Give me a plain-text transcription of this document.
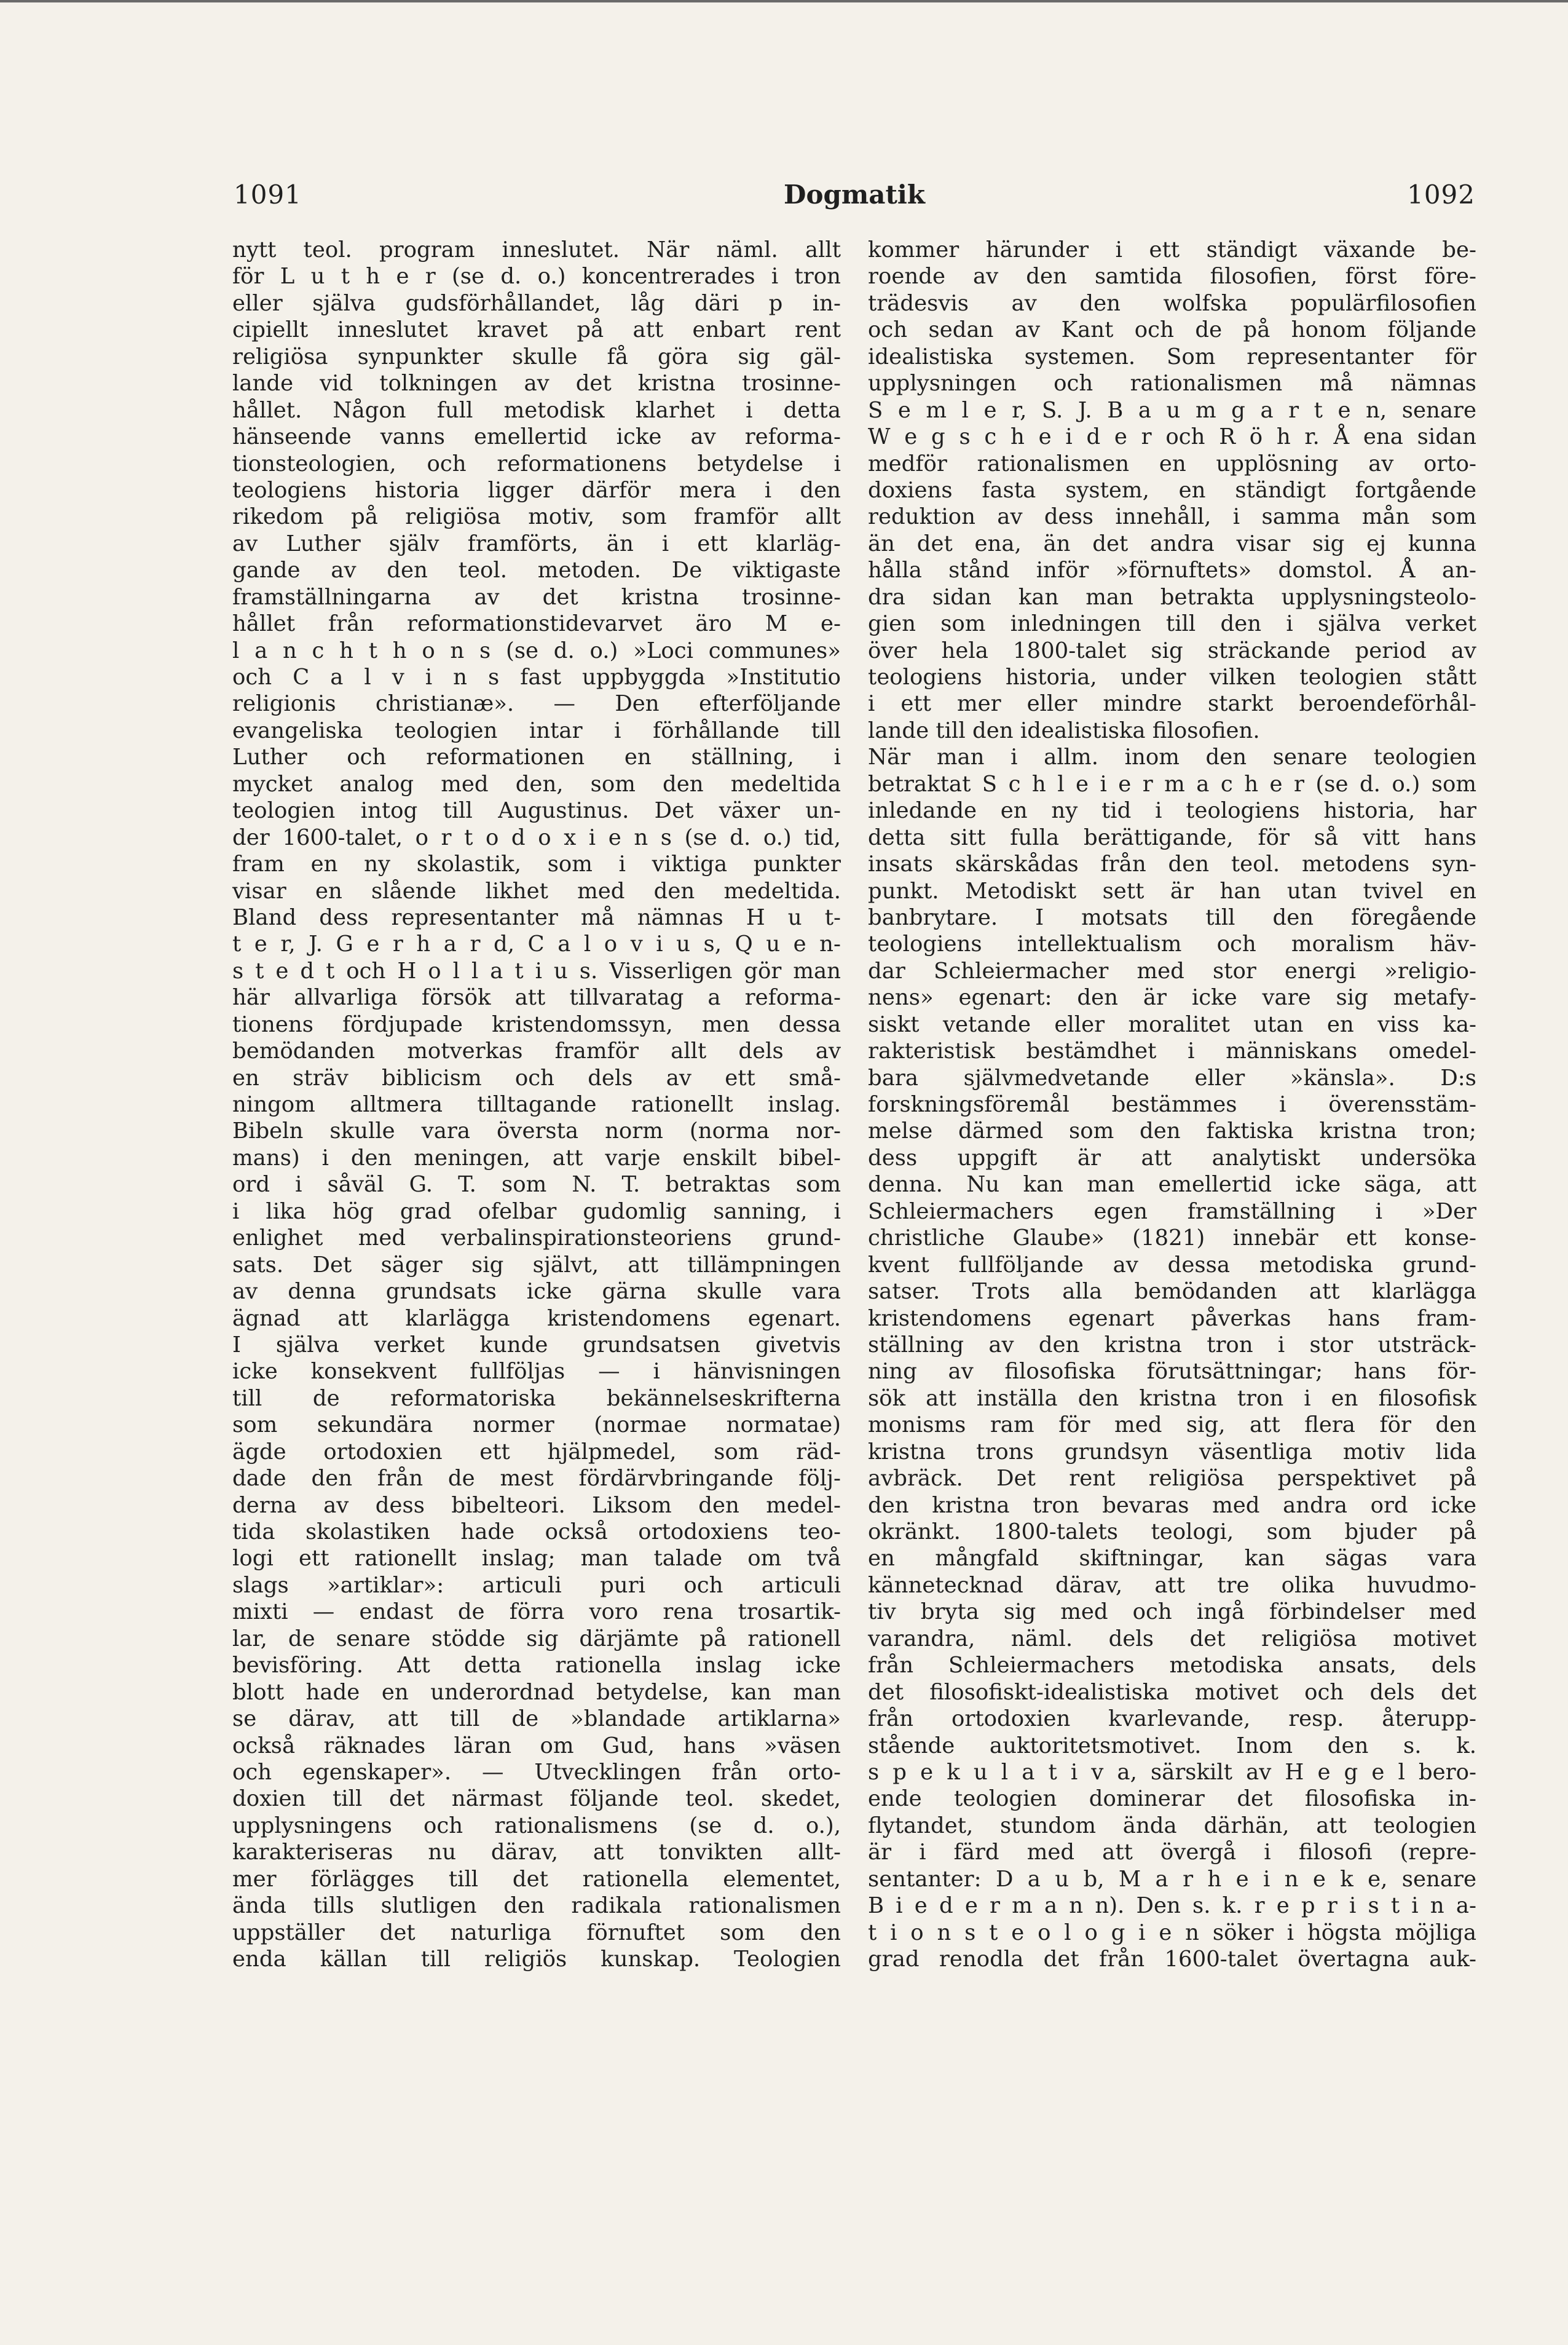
1091	Dogmatik	1092
nytt teol. program inneslutet. När näml. allt
för L u t h e r (se d. o.) koncentrerades i tron
eller själva gudsförhållandet, låg däri p in-
cipiellt inneslutet kravet på att enbart rent
religiösa synpunkter skulle få göra sig gäl-
lande vid tolkningen av det kristna trosinne-
hållet. Någon full metodisk klarhet i detta
hänseende vanns emellertid icke av reforma-
tionsteologien, och reformationens betydelse i
teologiens historia ligger därför mera i den
rikedom på religiösa motiv, som framför allt
av Luther själv framförts, än i ett klarläg-
gande av den teol. metoden. De viktigaste
framställningarna av det kristna trosinne-
hållet från reformationstidevarvet äro M e-
l a n c h t h o n s (se d. o.) »Loci communes»
och C a l v i n s fast uppbyggda »Institutio
religionis christianæ». — Den efterföljande
evangeliska teologien intar i förhållande till
Luther och reformationen en ställning, i
mycket analog med den, som den medeltida
teologien intog till Augustinus. Det växer un-
der 1600-talet, o r t o d o x i e n s (se d. o.) tid,
fram en ny skolastik, som i viktiga punkter
visar en slående likhet med den medeltida.
Bland dess representanter må nämnas H u t-
t e r, J. G e r h a r d, C a l o v i u s, Q u e n-
s t e d t och H o l l a t i u s. Visserligen gör man
här allvarliga försök att tillvaratag a reforma-
tionens fördjupade kristendomssyn, men dessa
bemödanden motverkas framför allt dels av
en sträv biblicism och dels av ett små-
ningom alltmera tilltagande rationellt inslag.
Bibeln skulle vara översta norm (norma nor-
mans) i den meningen, att varje enskilt bibel-
ord i såväl G. T. som N. T. betraktas som
i lika hög grad ofelbar gudomlig sanning, i
enlighet med verbalinspirationsteoriens grund-
sats. Det säger sig självt, att tillämpningen
av denna grundsats icke gärna skulle vara
ägnad att klarlägga kristendomens egenart.
I själva verket kunde grundsatsen givetvis
icke konsekvent fullföljas — i hänvisningen
till de reformatoriska bekännelseskrifterna
som sekundära normer (normae normatae)
ägde ortodoxien ett hjälpmedel, som räd-
dade den från de mest fördärvbringande följ-
derna av dess bibelteori. Liksom den medel-
tida skolastiken hade också ortodoxiens teo-
logi ett rationellt inslag; man talade om två
slags »artiklar»: articuli puri och articuli
mixti — endast de förra voro rena trosartik-
lar, de senare stödde sig därjämte på rationell
bevisföring. Att detta rationella inslag icke
blott hade en underordnad betydelse, kan man
se därav, att till de »blandade artiklarna»
också räknades läran om Gud, hans »väsen
och egenskaper». — Utvecklingen från orto-
doxien till det närmast följande teol. skedet,
upplysningens och rationalismens (se d. o.),
karakteriseras nu därav, att tonvikten allt-
mer förlägges till det rationella elementet,
ända tills slutligen den radikala rationalismen
uppställer det naturliga förnuftet som den
enda källan till religiös kunskap. Teologien
kommer härunder i ett ständigt växande be-
roende av den samtida filosofien, först före-
trädesvis av den wolfska populärfilosofien
och sedan av Kant och de på honom följande
idealistiska systemen. Som representanter för
upplysningen och rationalismen må nämnas
S e m l e r, S. J. B a u m g a r t e n, senare
W e g s c h e i d e r och R ö h r. Å ena sidan
medför rationalismen en upplösning av orto-
doxiens fasta system, en ständigt fortgående
reduktion av dess innehåll, i samma mån som
än det ena, än det andra visar sig ej kunna
hålla stånd inför »förnuftets» domstol. Å an-
dra sidan kan man betrakta upplysningsteolo-
gien som inledningen till den i själva verket
över hela 1800-talet sig sträckande period av
teologiens historia, under vilken teologien stått
i ett mer eller mindre starkt beroendeförhål-
lande till den idealistiska filosofien.
När man i allm. inom den senare teologien
betraktat S c h l e i e r m a c h e r (se d. o.) som
inledande en ny tid i teologiens historia, har
detta sitt fulla berättigande, för så vitt hans
insats skärskådas från den teol. metodens syn-
punkt. Metodiskt sett är han utan tvivel en
banbrytare. I motsats till den föregående
teologiens intellektualism och moralism häv-
dar Schleiermacher med stor energi »religio-
nens» egenart: den är icke vare sig metafy-
siskt vetande eller moralitet utan en viss ka-
rakteristisk bestämdhet i människans omedel-
bara självmedvetande eller »känsla». D:s
forskningsföremål bestämmes i överensstäm-
melse därmed som den faktiska kristna tron;
dess uppgift är att analytiskt undersöka
denna. Nu kan man emellertid icke säga, att
Schleiermachers egen framställning i »Der
christliche Glaube» (1821) innebär ett konse-
kvent fullföljande av dessa metodiska grund-
satser. Trots alla bemödanden att klarlägga
kristendomens egenart påverkas hans fram-
ställning av den kristna tron i stor utsträck-
ning av filosofiska förutsättningar; hans för-
sök att inställa den kristna tron i en filosofisk
monisms ram för med sig, att flera för den
kristna trons grundsyn väsentliga motiv lida
avbräck. Det rent religiösa perspektivet på
den kristna tron bevaras med andra ord icke
okränkt. 1800-talets teologi, som bjuder på
en mångfald skiftningar, kan sägas vara
kännetecknad därav, att tre olika huvudmo-
tiv bryta sig med och ingå förbindelser med
varandra, näml. dels det religiösa motivet
från Schleiermachers metodiska ansats, dels
det filosofiskt-idealistiska motivet och dels det
från ortodoxien kvarlevande, resp. återupp-
stående auktoritetsmotivet. Inom den s. k.
s p e k u l a t i v a, särskilt av H e g e l bero-
ende teologien dominerar det filosofiska in-
flytandet, stundom ända därhän, att teologien
är i färd med att övergå i filosofi (repre-
sentanter: D a u b, M a r h e i n e k e, senare
B i e d e r m a n n). Den s. k. r e p r i s t i n a-
t i o n s t e o l o g i e n söker i högsta möjliga
grad renodla det från 1600-talet övertagna auk-
